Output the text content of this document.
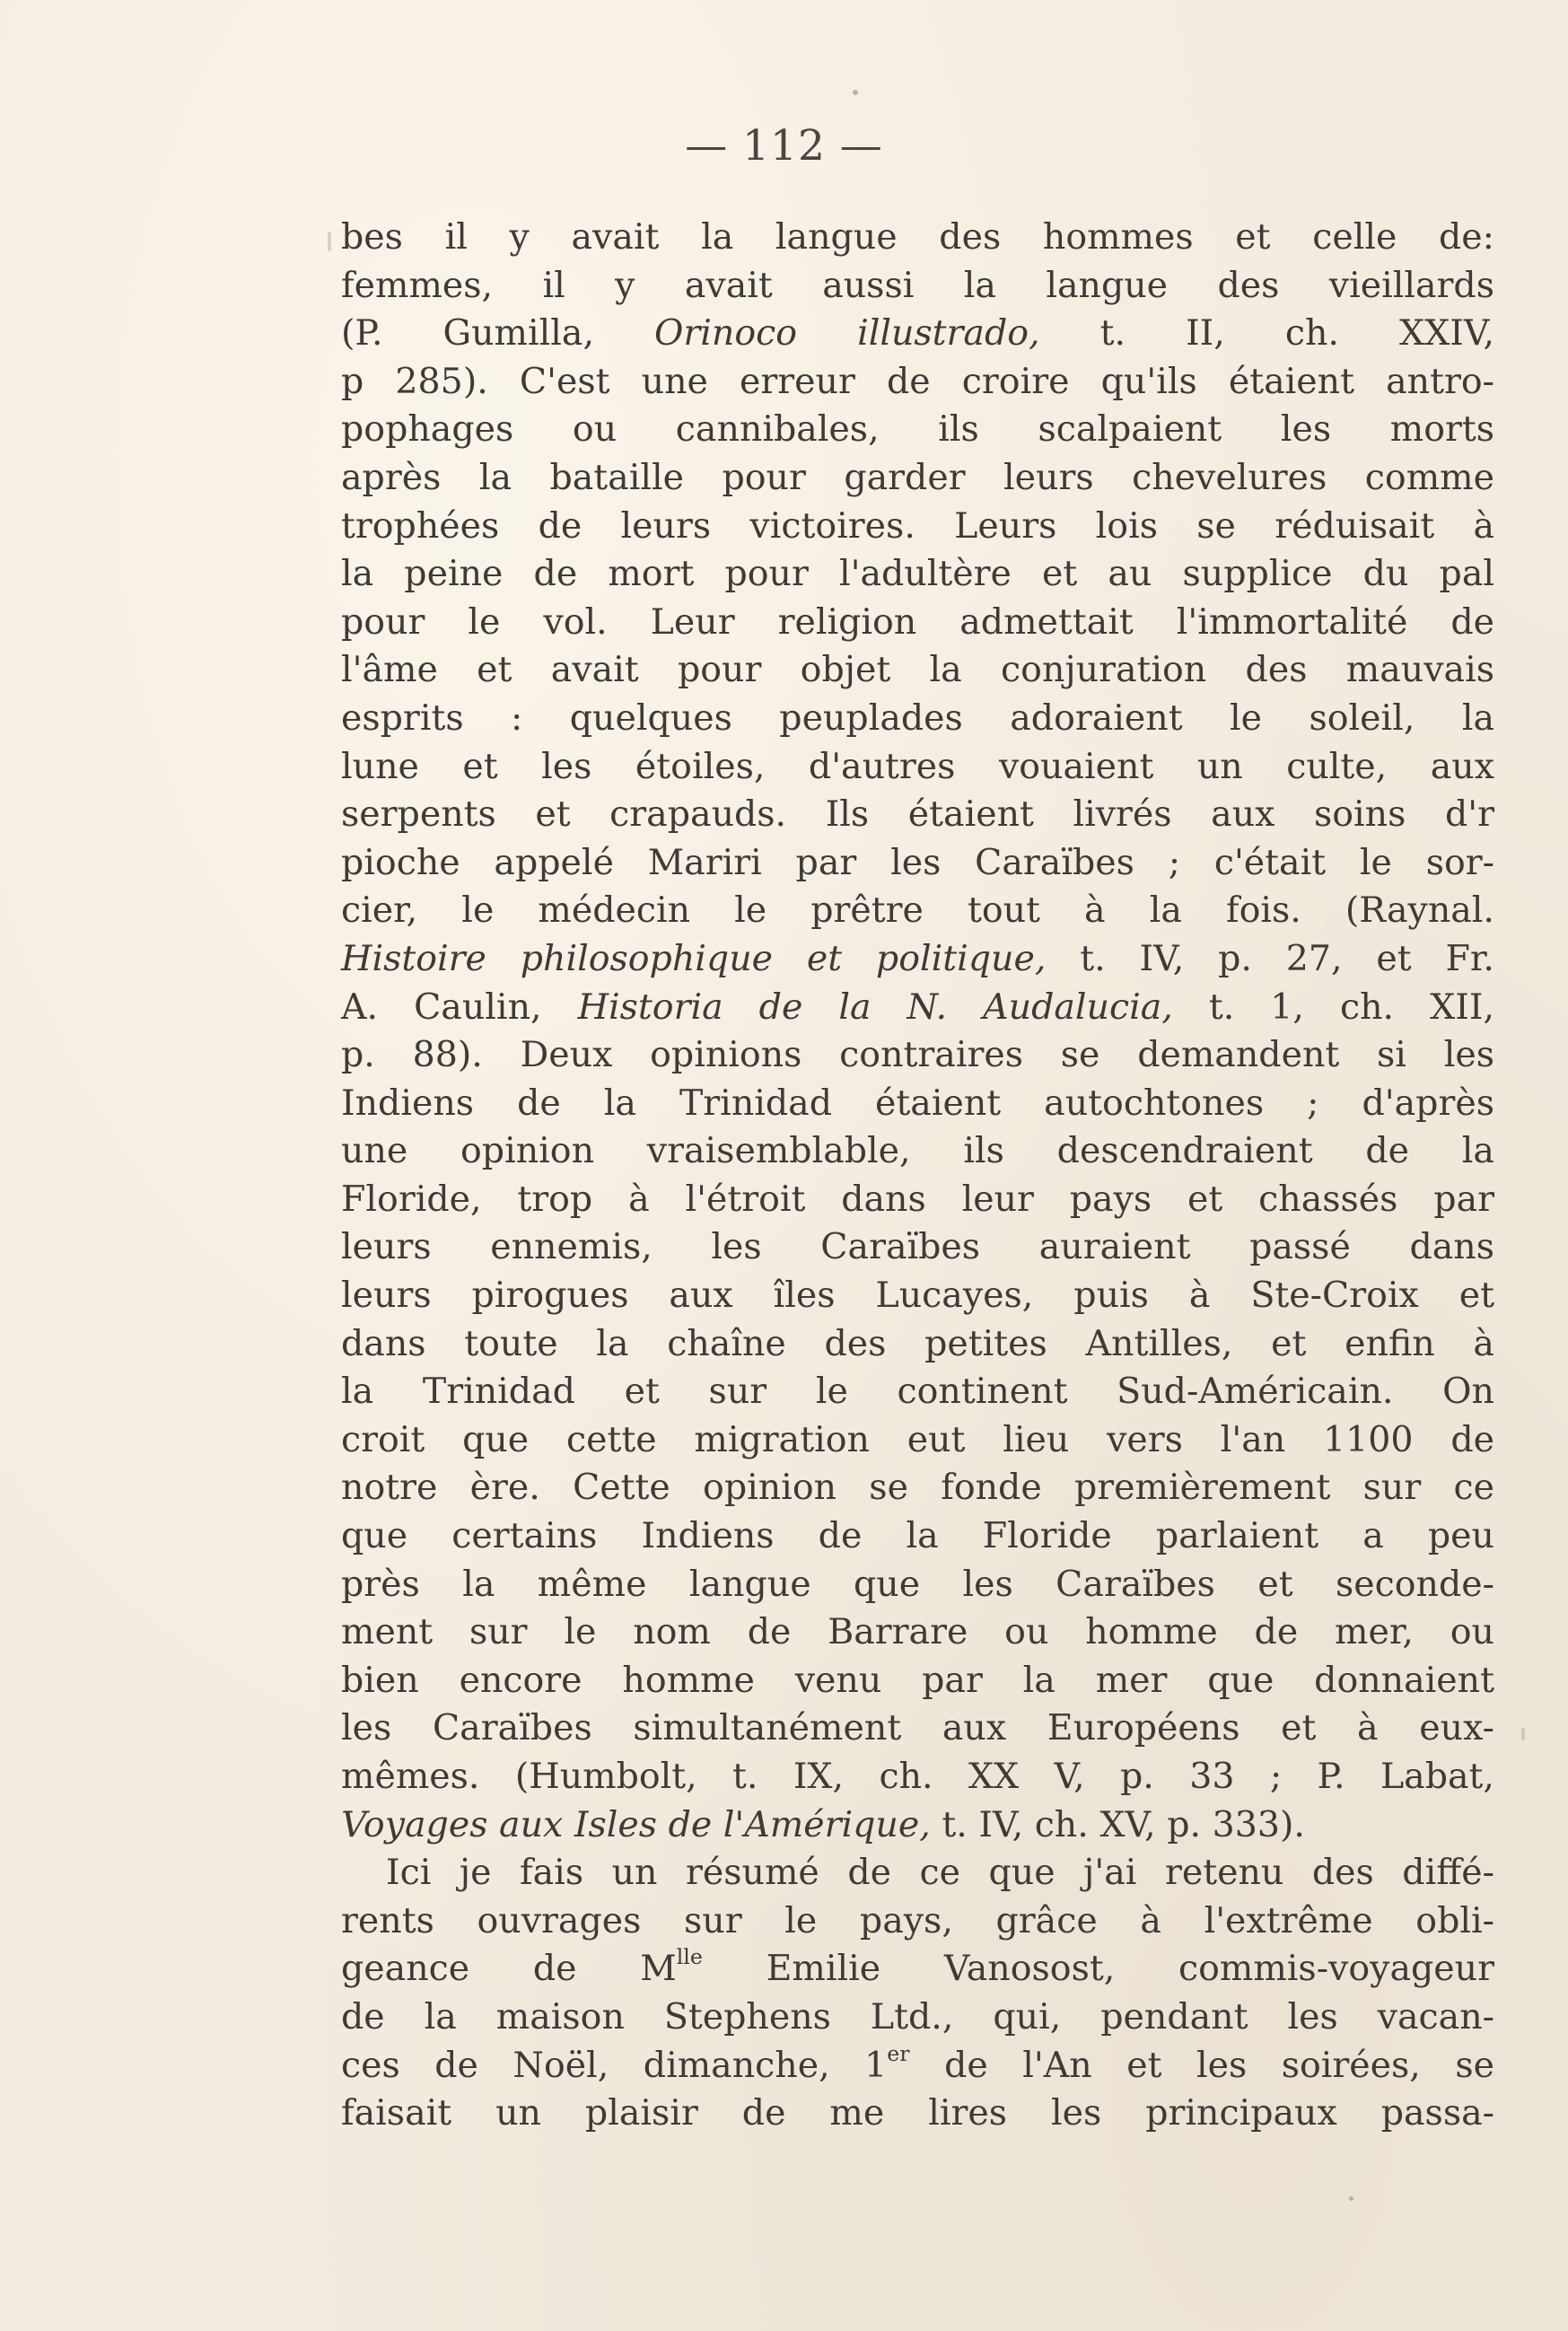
— 112 —
bes il y avait la langue des hommes et celle de:
femmes, il y avait aussi la langue des vieillards
(P. Gumilla, Orinoco illustrado, t. II, ch. XXIV,
p 285). C'est une erreur de croire qu'ils étaient antro-
pophages ou cannibales, ils scalpaient les morts
après la bataille pour garder leurs chevelures comme
trophées de leurs victoires. Leurs lois se réduisait à
la peine de mort pour l'adultère et au supplice du pal
pour le vol. Leur religion admettait l'immortalité de
l'âme et avait pour objet la conjuration des mauvais
esprits : quelques peuplades adoraient le soleil, la
lune et les étoiles, d'autres vouaient un culte, aux
serpents et crapauds. Ils étaient livrés aux soins d'r
pioche appelé Mariri par les Caraïbes ; c'était le sor-
cier, le médecin le prêtre tout à la fois. (Raynal.
Histoire philosophique et politique, t. IV, p. 27, et Fr.
A. Caulin, Historia de la N. Audalucia, t. 1, ch. XII,
p. 88). Deux opinions contraires se demandent si les
Indiens de la Trinidad étaient autochtones ; d'après
une opinion vraisemblable, ils descendraient de la
Floride, trop à l'étroit dans leur pays et chassés par
leurs ennemis, les Caraïbes auraient passé dans
leurs pirogues aux îles Lucayes, puis à Ste-Croix et
dans toute la chaîne des petites Antilles, et enfin à
la Trinidad et sur le continent Sud-Américain. On
croit que cette migration eut lieu vers l'an 1100 de
notre ère. Cette opinion se fonde premièrement sur ce
que certains Indiens de la Floride parlaient a peu
près la même langue que les Caraïbes et seconde-
ment sur le nom de Barrare ou homme de mer, ou
bien encore homme venu par la mer que donnaient
les Caraïbes simultanément aux Européens et à eux-
mêmes. (Humbolt, t. IX, ch. XX V, p. 33 ; P. Labat,
Voyages aux Isles de l'Amérique, t. IV, ch. XV, p. 333).
Ici je fais un résumé de ce que j'ai retenu des diffé-
rents ouvrages sur le pays, grâce à l'extrême obli-
geance de $M^{lle}$ Emilie Vanosost, commis-voyageur
de la maison Stephens Ltd., qui, pendant les vacan-
ces de Noël, dimanche, 1er de l'An et les soirées, se
faisait un plaisir de me lires les principaux passa-
